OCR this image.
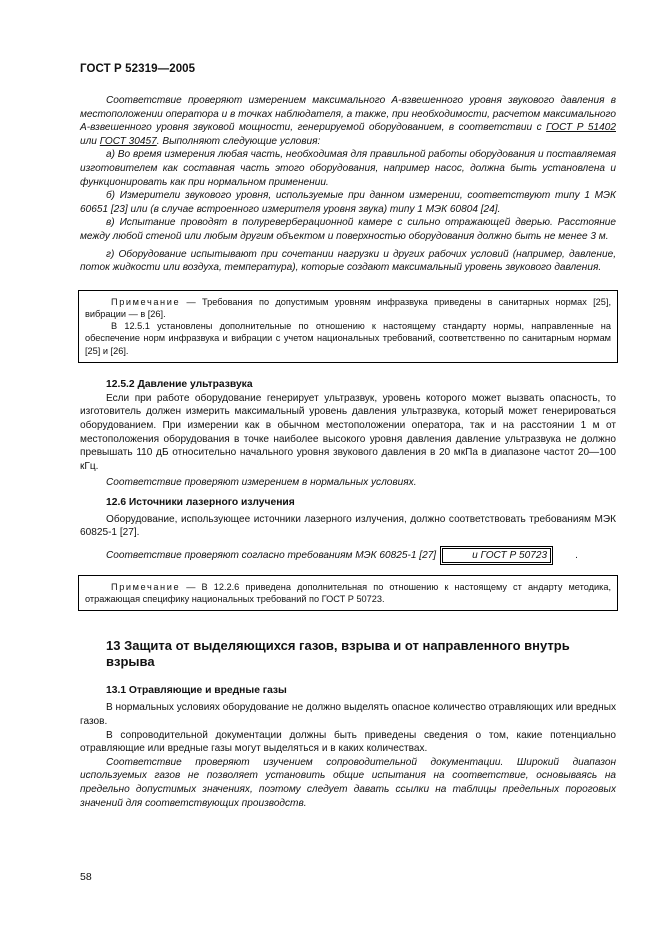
ГОСТ Р 52319—2005

Соответствие проверяют измерением максимального А-взвешенного уровня звукового давления в местоположении оператора и в точках наблюдателя, а также, при необходимости, расчетом максимального А-взвешенного уровня звуковой мощности, генерируемой оборудованием, в соответствии с ГОСТ Р 51402 или ГОСТ 30457. Выполняют следующие условия:

а) Во время измерения любая часть, необходимая для правильной работы оборудования и поставляемая изготовителем как составная часть этого оборудования, например насос, должна быть установлена и функционировать как при нормальном применении.

б) Измерители звукового уровня, используемые при данном измерении, соответствуют типу 1 МЭК 60651 [23] или (в случае встроенного измерителя уровня звука) типу 1 МЭК 60804 [24].

в) Испытание проводят в полуреверберационной камере с сильно отражающей дверью. Расстояние между любой стеной или любым другим объектом и поверхностью оборудования должно быть не менее 3 м.

г) Оборудование испытывают при сочетании нагрузки и других рабочих условий (например, давление, поток жидкости или воздуха, температура), которые создают максимальный уровень звукового давления.

Примечание — Требования по допустимым уровням инфразвука приведены в санитарных нормах [25], вибрации — в [26].

В 12.5.1 установлены дополнительные по отношению к настоящему стандарту нормы, направленные на обеспечение норм инфразвука и вибрации с учетом национальных требований, соответственно по санитарным нормам [25] и [26].

12.5.2 Давление ультразвука

Если при работе оборудование генерирует ультразвук, уровень которого может вызвать опасность, то изготовитель должен измерить максимальный уровень давления ультразвука, который может генерироваться оборудованием. При измерении как в обычном местоположении оператора, так и на расстоянии 1 м от местоположения оборудования в точке наиболее высокого уровня давления давление ультразвука не должно превышать 110 дБ относительно начального уровня звукового давления в 20 мкПа в диапазоне частот 20—100 кГц.

Соответствие проверяют измерением в нормальных условиях.

12.6 Источники лазерного излучения

Оборудование, использующее источники лазерного излучения, должно соответствовать требованиям МЭК 60825-1 [27].

Соответствие проверяют согласно требованиям МЭК 60825-1 [27]	и ГОСТ Р 50723	.

Примечание — В 12.2.6 приведена дополнительная по отношению к настоящему ст андарту методика, отражающая специфику национальных требований по ГОСТ Р 50723.

13 Защита от выделяющихся газов, взрыва и от направленного внутрь взрыва
13.1 Отравляющие и вредные газы

В нормальных условиях оборудование не должно выделять опасное количество отравляющих или вредных газов.

В сопроводительной документации должны быть приведены сведения о том, какие потенциально отравляющие или вредные газы могут выделяться и в каких количествах.

Соответствие проверяют изучением сопроводительной документации. Широкий диапазон используемых газов не позволяет установить общие испытания на соответствие, основываясь на предельно допустимых значениях, поэтому следует давать ссылки на таблицы предельных пороговых значений для соответствующих производств.

58
